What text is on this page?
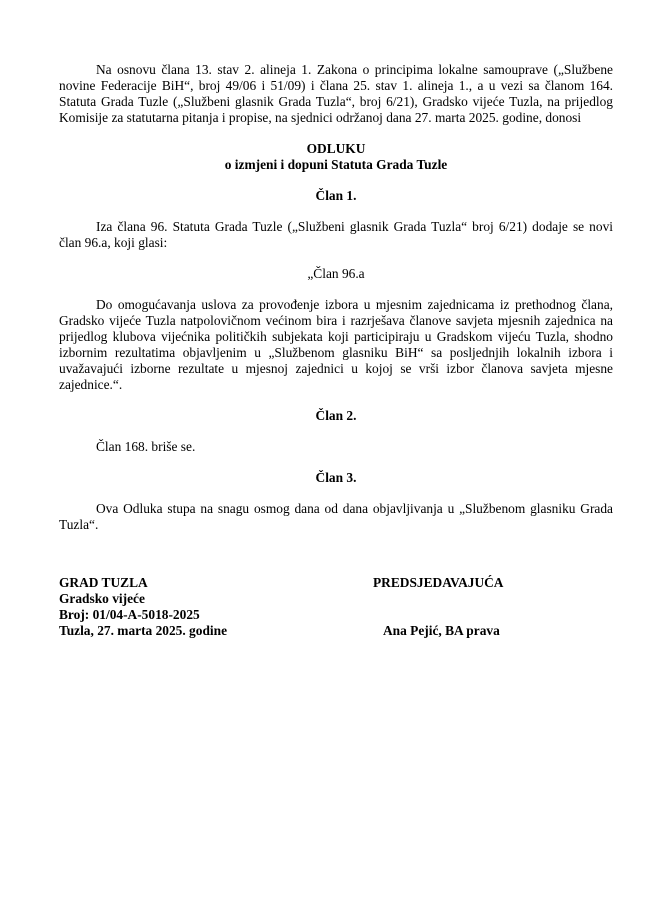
Na osnovu člana 13. stav 2. alineja 1. Zakona o principima lokalne samouprave („Službene novine Federacije BiH“, broj 49/06 i 51/09) i člana 25. stav 1. alineja 1., a u vezi sa članom 164. Statuta Grada Tuzle („Službeni glasnik Grada Tuzla“, broj 6/21), Gradsko vijeće Tuzla, na prijedlog Komisije za statutarna pitanja i propise, na sjednici održanoj dana 27. marta 2025. godine, donosi

ODLUKU
o izmjeni i dopuni Statuta Grada Tuzle
Član 1.

Iza člana 96. Statuta Grada Tuzle („Službeni glasnik Grada Tuzla“ broj 6/21) dodaje se novi član 96.a, koji glasi:

„Član 96.a

Do omogućavanja uslova za provođenje izbora u mjesnim zajednicama iz prethodnog člana, Gradsko vijeće Tuzla natpolovičnom većinom bira i razrješava članove savjeta mjesnih zajednica na prijedlog klubova vijećnika političkih subjekata koji participiraju u Gradskom vijeću Tuzla, shodno izbornim rezultatima objavljenim u „Službenom glasniku BiH“ sa posljednjih lokalnih izbora i uvažavajući izborne rezultate u mjesnoj zajednici u kojoj se vrši izbor članova savjeta mjesne zajednice.“.

Član 2.

Član 168. briše se.

Član 3.

Ova Odluka stupa na snagu osmog dana od dana objavljivanja u „Službenom glasniku Grada Tuzla“.

GRAD TUZLA
Gradsko vijeće
Broj: 01/04-A-5018-2025
Tuzla, 27. marta 2025. godine
PREDSJEDAVAJUĆA
Ana Pejić, BA prava
